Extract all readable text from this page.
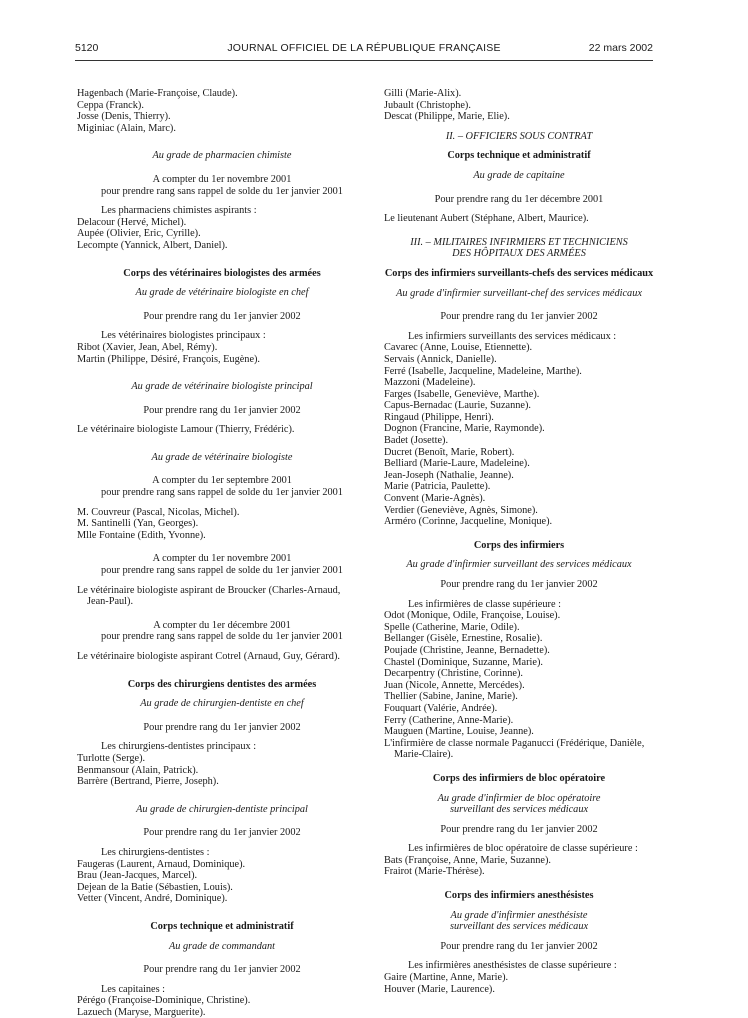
5120	JOURNAL OFFICIEL DE LA RÉPUBLIQUE FRANÇAISE	22 mars 2002
Hagenbach (Marie-Françoise, Claude).
Ceppa (Franck).
Josse (Denis, Thierry).
Miginiac (Alain, Marc).
Au grade de pharmacien chimiste
A compter du 1er novembre 2001
pour prendre rang sans rappel de solde du 1er janvier 2001
Les pharmaciens chimistes aspirants :
Delacour (Hervé, Michel).
Aupée (Olivier, Eric, Cyrille).
Lecompte (Yannick, Albert, Daniel).
Corps des vétérinaires biologistes des armées
Au grade de vétérinaire biologiste en chef
Pour prendre rang du 1er janvier 2002
Les vétérinaires biologistes principaux :
Ribot (Xavier, Jean, Abel, Rémy).
Martin (Philippe, Désiré, François, Eugène).
Au grade de vétérinaire biologiste principal
Pour prendre rang du 1er janvier 2002
Le vétérinaire biologiste Lamour (Thierry, Frédéric).
Au grade de vétérinaire biologiste
A compter du 1er septembre 2001
pour prendre rang sans rappel de solde du 1er janvier 2001
M. Couvreur (Pascal, Nicolas, Michel).
M. Santinelli (Yan, Georges).
Mlle Fontaine (Edith, Yvonne).
A compter du 1er novembre 2001
pour prendre rang sans rappel de solde du 1er janvier 2001
Le vétérinaire biologiste aspirant de Broucker (Charles-Arnaud,
Jean-Paul).
A compter du 1er décembre 2001
pour prendre rang sans rappel de solde du 1er janvier 2001
Le vétérinaire biologiste aspirant Cotrel (Arnaud, Guy, Gérard).
Corps des chirurgiens dentistes des armées
Au grade de chirurgien-dentiste en chef
Pour prendre rang du 1er janvier 2002
Les chirurgiens-dentistes principaux :
Turlotte (Serge).
Benmansour (Alain, Patrick).
Barrère (Bertrand, Pierre, Joseph).
Au grade de chirurgien-dentiste principal
Pour prendre rang du 1er janvier 2002
Les chirurgiens-dentistes :
Faugeras (Laurent, Arnaud, Dominique).
Brau (Jean-Jacques, Marcel).
Dejean de la Batie (Sébastien, Louis).
Vetter (Vincent, André, Dominique).
Corps technique et administratif
Au grade de commandant
Pour prendre rang du 1er janvier 2002
Les capitaines :
Pérégo (Françoise-Dominique, Christine).
Lazuech (Maryse, Marguerite).
Gilli (Marie-Alix).
Jubault (Christophe).
Descat (Philippe, Marie, Elie).
II. – OFFICIERS SOUS CONTRAT
Corps technique et administratif
Au grade de capitaine
Pour prendre rang du 1er décembre 2001
Le lieutenant Aubert (Stéphane, Albert, Maurice).
III. – MILITAIRES INFIRMIERS ET TECHNICIENS
DES HÔPITAUX DES ARMÉES
Corps des infirmiers surveillants-chefs des services médicaux
Au grade d'infirmier surveillant-chef des services médicaux
Pour prendre rang du 1er janvier 2002
Les infirmiers surveillants des services médicaux :
Cavarec (Anne, Louise, Etiennette).
Servais (Annick, Danielle).
Ferré (Isabelle, Jacqueline, Madeleine, Marthe).
Mazzoni (Madeleine).
Farges (Isabelle, Geneviève, Marthe).
Capus-Bernadac (Laurie, Suzanne).
Ringaud (Philippe, Henri).
Dognon (Francine, Marie, Raymonde).
Badet (Josette).
Ducret (Benoît, Marie, Robert).
Belliard (Marie-Laure, Madeleine).
Jean-Joseph (Nathalie, Jeanne).
Marie (Patricia, Paulette).
Convent (Marie-Agnès).
Verdier (Geneviève, Agnès, Simone).
Arméro (Corinne, Jacqueline, Monique).
Corps des infirmiers
Au grade d'infirmier surveillant des services médicaux
Pour prendre rang du 1er janvier 2002
Les infirmières de classe supérieure :
Odot (Monique, Odile, Françoise, Louise).
Spelle (Catherine, Marie, Odile).
Bellanger (Gisèle, Ernestine, Rosalie).
Poujade (Christine, Jeanne, Bernadette).
Chastel (Dominique, Suzanne, Marie).
Decarpentry (Christine, Corinne).
Juan (Nicole, Annette, Mercédes).
Thellier (Sabine, Janine, Marie).
Fouquart (Valérie, Andrée).
Ferry (Catherine, Anne-Marie).
Mauguen (Martine, Louise, Jeanne).
L'infirmière de classe normale Paganucci (Frédérique, Danièle,
Marie-Claire).
Corps des infirmiers de bloc opératoire
Au grade d'infirmier de bloc opératoire
surveillant des services médicaux
Pour prendre rang du 1er janvier 2002
Les infirmières de bloc opératoire de classe supérieure :
Bats (Françoise, Anne, Marie, Suzanne).
Frairot (Marie-Thérèse).
Corps des infirmiers anesthésistes
Au grade d'infirmier anesthésiste
surveillant des services médicaux
Pour prendre rang du 1er janvier 2002
Les infirmières anesthésistes de classe supérieure :
Gaire (Martine, Anne, Marie).
Houver (Marie, Laurence).
